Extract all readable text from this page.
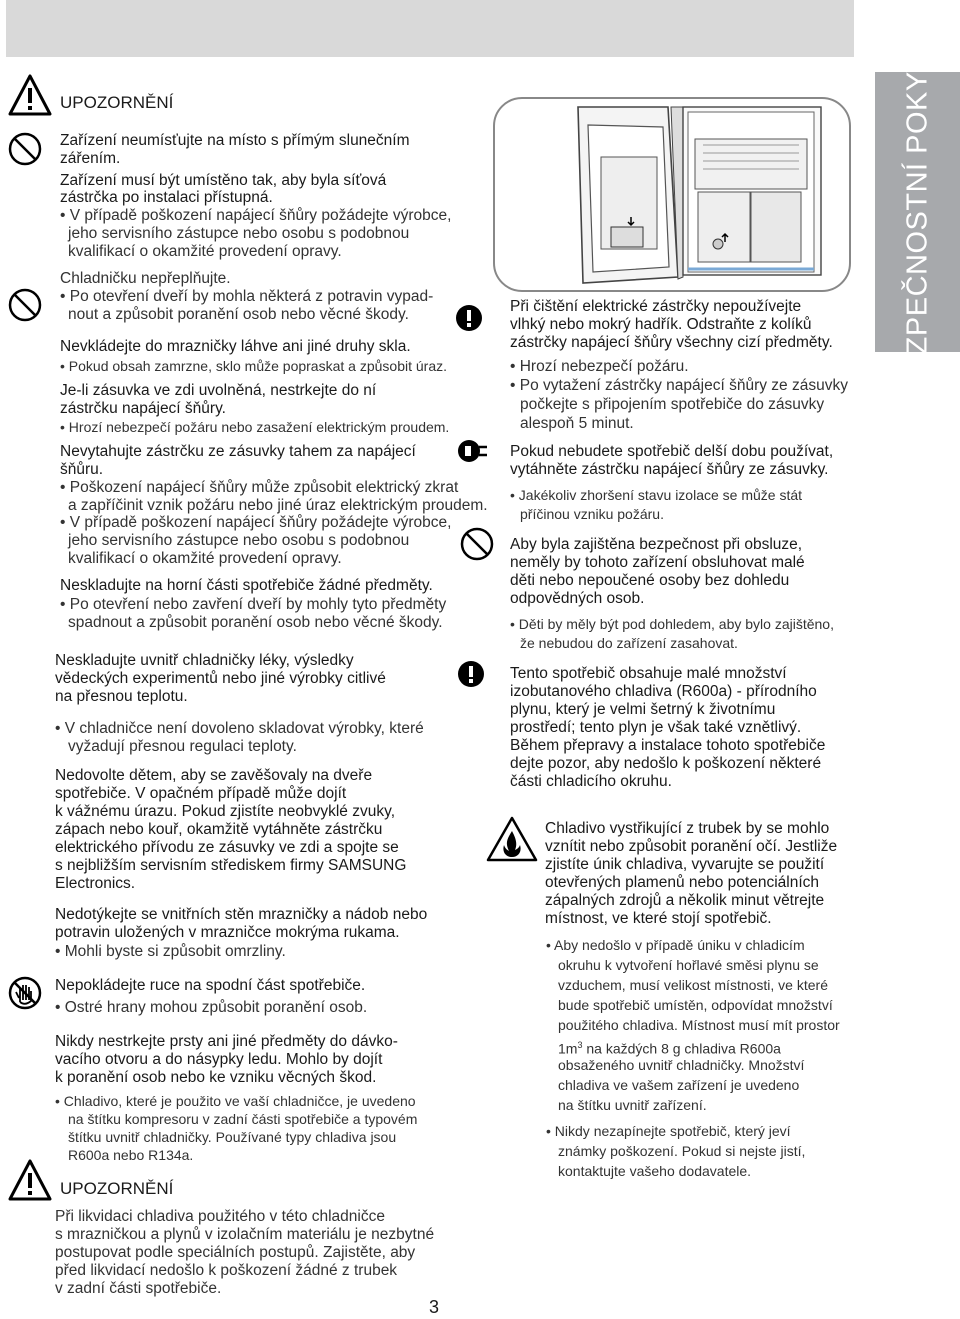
BEZPEČNOSTNÍ POKYNY
UPOZORNĚNÍ
Zařízení neumísťujte na místo s přímým slunečním
zářením.
Zařízení musí být umístěno tak, aby byla síťová
zástrčka po instalaci přístupná.
• V případě poškození napájecí šňůry požádejte výrobce,
jeho servisního zástupce nebo osobu s podobnou
kvalifikací o okamžité provedení opravy.
Chladničku nepřeplňujte.
• Po otevření dveří by mohla některá z potravin vypad-
nout a způsobit poranění osob nebo věcné škody.
Nevkládejte do mrazničky láhve ani jiné druhy skla.
• Pokud obsah zamrzne, sklo může popraskat a způsobit úraz.
Je-li zásuvka ve zdi uvolněná, nestrkejte do ní
zástrčku napájecí šňůry.
• Hrozí nebezpečí požáru nebo zasažení elektrickým proudem.
Nevytahujte zástrčku ze zásuvky tahem za napájecí
šňůru.
• Poškození napájecí šňůry může způsobit elektrický zkrat
a zapříčinit vznik požáru nebo jiné úraz elektrickým proudem.
• V případě poškození napájecí šňůry požádejte výrobce,
jeho servisního zástupce nebo osobu s podobnou
kvalifikací o okamžité provedení opravy.
Neskladujte na horní části spotřebiče žádné předměty.
• Po otevření nebo zavření dveří by mohly tyto předměty
spadnout a způsobit poranění osob nebo věcné škody.
Neskladujte uvnitř chladničky léky, výsledky
vědeckých experimentů nebo jiné výrobky citlivé
na přesnou teplotu.
• V chladničce není dovoleno skladovat výrobky, které
vyžadují přesnou regulaci teploty.
Nedovolte dětem, aby se zavěšovaly na dveře
spotřebiče. V opačném případě může dojít
k vážnému úrazu. Pokud zjistíte neobvyklé zvuky,
zápach nebo kouř, okamžitě vytáhněte zástrčku
elektrického přívodu ze zásuvky ve zdi a spojte se
s nejbližším servisním střediskem firmy SAMSUNG
Electronics.
Nedotýkejte se vnitřních stěn mrazničky a nádob nebo
potravin uložených v mrazničce mokrýma rukama.
• Mohli byste si způsobit omrzliny.
Nepokládejte ruce na spodní část spotřebiče.
• Ostré hrany mohou způsobit poranění osob.
Nikdy nestrkejte prsty ani jiné předměty do dávko-
vacího otvoru a do násypky ledu. Mohlo by dojít
k poranění osob nebo ke vzniku věcných škod.
• Chladivo, které je použito ve vaší chladničce, je uvedeno
na štítku kompresoru v zadní části spotřebiče a typovém
štítku uvnitř chladničky. Používané typy chladiva jsou
R600a nebo R134a.
UPOZORNĚNÍ
Při likvidaci chladiva použitého v této chladničce
s mrazničkou a plynů v izolačním materiálu je nezbytné
postupovat podle speciálních postupů. Zajistěte, aby
před likvidací nedošlo k poškození žádné z trubek
v zadní části spotřebiče.
Při čištění elektrické zástrčky nepoužívejte
vlhký nebo mokrý hadřík. Odstraňte z kolíků
zástrčky napájecí šňůry všechny cizí předměty.
• Hrozí nebezpečí požáru.
• Po vytažení zástrčky napájecí šňůry ze zásuvky
počkejte s připojením spotřebiče do zásuvky
alespoň 5 minut.
Pokud nebudete spotřebič delší dobu používat,
vytáhněte zástrčku napájecí šňůry ze zásuvky.
• Jakékoliv zhoršení stavu izolace se může stát
příčinou vzniku požáru.
Aby byla zajištěna bezpečnost při obsluze,
neměly by tohoto zařízení obsluhovat malé
děti nebo nepoučené osoby bez dohledu
odpovědných osob.
• Děti by měly být pod dohledem, aby bylo zajištěno,
že nebudou do zařízení zasahovat.
Tento spotřebič obsahuje malé množství
izobutanového chladiva (R600a) - přírodního
plynu, který je velmi šetrný k životnímu
prostředí; tento plyn je však také vznětlivý.
Během přepravy a instalace tohoto spotřebiče
dejte pozor, aby nedošlo k poškození některé
části chladicího okruhu.
Chladivo vystřikující z trubek by se mohlo
vznítit nebo způsobit poranění očí. Jestliže
zjistíte únik chladiva, vyvarujte se použití
otevřených plamenů nebo potenciálních
zápalných zdrojů a několik minut větrejte
místnost, ve které stojí spotřebič.
• Aby nedošlo v případě úniku v chladicím
okruhu k vytvoření hořlavé směsi plynu se
vzduchem, musí velikost místnosti, ve které
bude spotřebič umístěn, odpovídat množství
použitého chladiva. Místnost musí mít prostor
$1m^3$ na každých 8 g chladiva R600a
obsaženého uvnitř chladničky. Množství
chladiva ve vašem zařízení je uvedeno
na štítku uvnitř zařízení.
• Nikdy nezapínejte spotřebič, který jeví
známky poškození. Pokud si nejste jistí,
kontaktujte vašeho dodavatele.
3
